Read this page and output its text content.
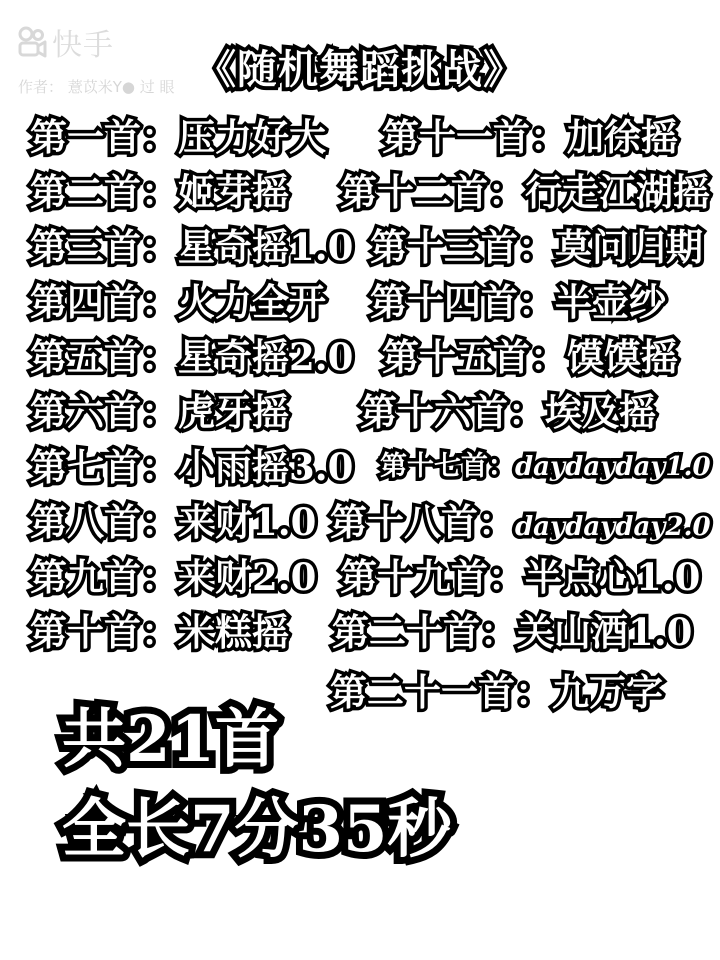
快手
作者： 薏苡米Y● 过 眼 《随机舞蹈挑战》
第一首：压力好大
第二首：姬芽摇
第三首：星奇摇1.0
第四首：火力全开
第五首：星奇摇2.0
第六首：虎牙摇
第七首：小雨摇3.0
第八首：来财1.0
第九首：来财2.0
第十首：米糕摇
第十一首：加徐摇
第十二首：行走江湖摇
第十三首：莫问归期
第十四首：半壶纱
第十五首：馍馍摇
第十六首：埃及摇
第十七首：daydayday1.0
第十八首：daydayday2.0
第十九首：半点心1.0
第二十首：关山酒1.0
第二十一首：九万字
共21首
全长7分35秒
